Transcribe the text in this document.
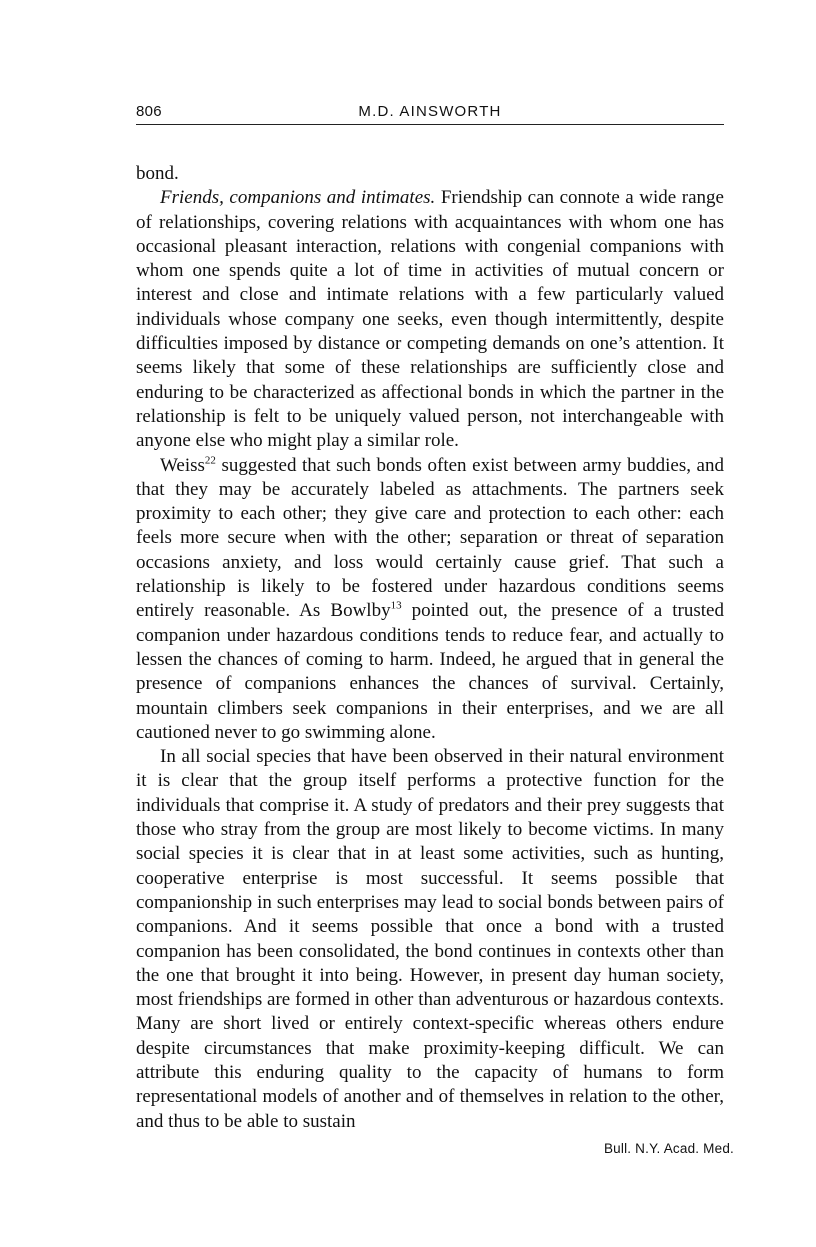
806	M.D. AINSWORTH

bond.

Friends, companions and intimates. Friendship can connote a wide range of relationships, covering relations with acquaintances with whom one has occasional pleasant interaction, relations with congenial companions with whom one spends quite a lot of time in activities of mutual concern or interest and close and intimate relations with a few particularly valued individuals whose company one seeks, even though intermittently, despite difficulties imposed by distance or competing demands on one’s attention. It seems likely that some of these relationships are sufficiently close and enduring to be characterized as affectional bonds in which the partner in the relationship is felt to be uniquely valued person, not interchangeable with anyone else who might play a similar role.

Weiss$^{22}$ suggested that such bonds often exist between army buddies, and that they may be accurately labeled as attachments. The partners seek proximity to each other; they give care and protection to each other: each feels more secure when with the other; separation or threat of separation occasions anxiety, and loss would certainly cause grief. That such a relationship is likely to be fostered under hazardous conditions seems entirely reasonable. As Bowlby$^{13}$ pointed out, the presence of a trusted companion under hazardous conditions tends to reduce fear, and actually to lessen the chances of coming to harm. Indeed, he argued that in general the presence of companions enhances the chances of survival. Certainly, mountain climbers seek companions in their enterprises, and we are all cautioned never to go swimming alone.

In all social species that have been observed in their natural environment it is clear that the group itself performs a protective function for the individuals that comprise it. A study of predators and their prey suggests that those who stray from the group are most likely to become victims. In many social species it is clear that in at least some activities, such as hunting, cooperative enterprise is most successful. It seems possible that companionship in such enterprises may lead to social bonds between pairs of companions. And it seems possible that once a bond with a trusted companion has been consolidated, the bond continues in contexts other than the one that brought it into being. However, in present day human society, most friendships are formed in other than adventurous or hazardous contexts. Many are short lived or entirely context-specific whereas others endure despite circumstances that make proximity-keeping difficult. We can attribute this enduring quality to the capacity of humans to form representational models of another and of themselves in relation to the other, and thus to be able to sustain

Bull. N.Y. Acad. Med.
